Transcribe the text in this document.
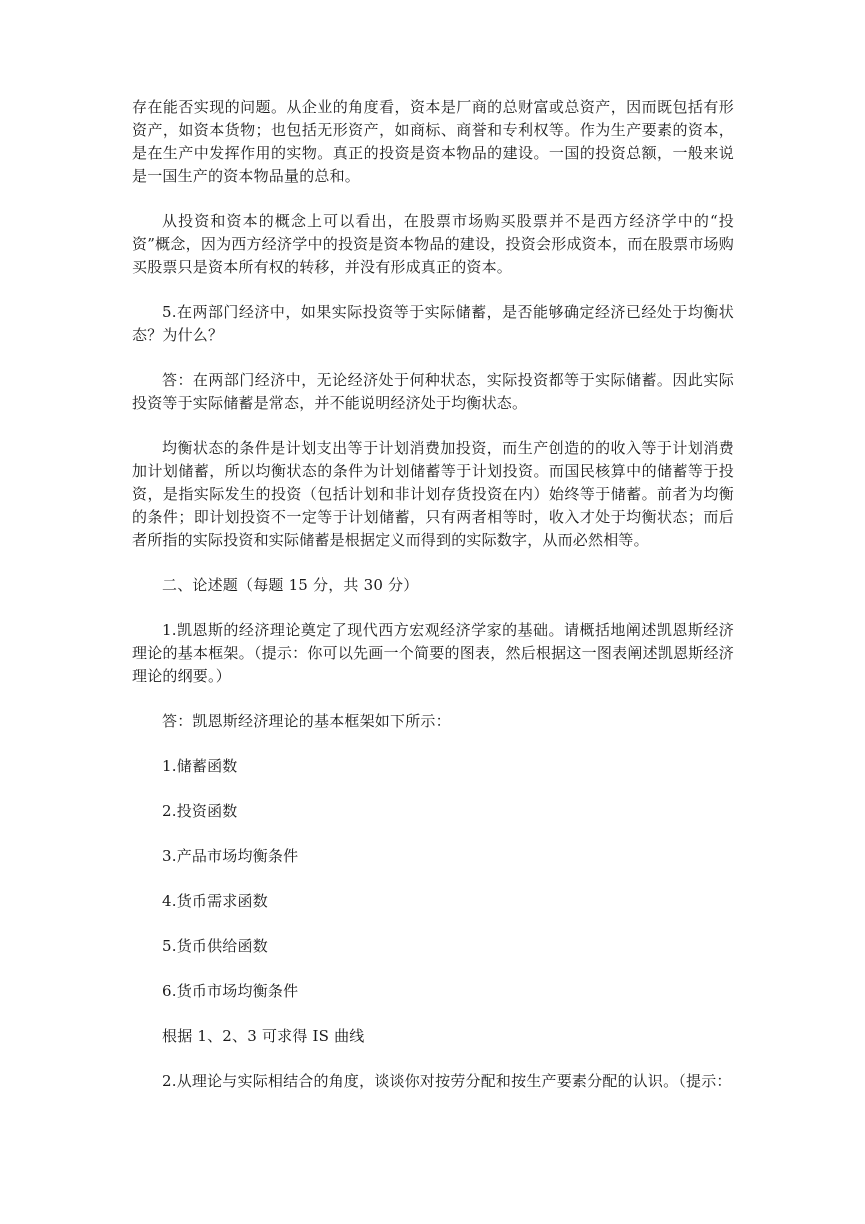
存在能否实现的问题。从企业的角度看，资本是厂商的总财富或总资产，因而既包括有形资产，如资本货物；也包括无形资产，如商标、商誉和专利权等。作为生产要素的资本，是在生产中发挥作用的实物。真正的投资是资本物品的建设。一国的投资总额，一般来说是一国生产的资本物品量的总和。

从投资和资本的概念上可以看出，在股票市场购买股票并不是西方经济学中的“投资”概念，因为西方经济学中的投资是资本物品的建设，投资会形成资本，而在股票市场购买股票只是资本所有权的转移，并没有形成真正的资本。

5.在两部门经济中，如果实际投资等于实际储蓄，是否能够确定经济已经处于均衡状态？为什么？

答：在两部门经济中，无论经济处于何种状态，实际投资都等于实际储蓄。因此实际投资等于实际储蓄是常态，并不能说明经济处于均衡状态。

均衡状态的条件是计划支出等于计划消费加投资，而生产创造的的收入等于计划消费加计划储蓄，所以均衡状态的条件为计划储蓄等于计划投资。而国民核算中的储蓄等于投资，是指实际发生的投资（包括计划和非计划存货投资在内）始终等于储蓄。前者为均衡的条件；即计划投资不一定等于计划储蓄，只有两者相等时，收入才处于均衡状态；而后者所指的实际投资和实际储蓄是根据定义而得到的实际数字，从而必然相等。

二、论述题（每题 15 分，共 30 分）

1.凯恩斯的经济理论奠定了现代西方宏观经济学家的基础。请概括地阐述凯恩斯经济理论的基本框架。（提示：你可以先画一个简要的图表，然后根据这一图表阐述凯恩斯经济理论的纲要。）

答：凯恩斯经济理论的基本框架如下所示：

1.储蓄函数

2.投资函数

3.产品市场均衡条件

4.货币需求函数

5.货币供给函数

6.货币市场均衡条件

根据 1、2、3 可求得 IS 曲线

2.从理论与实际相结合的角度，谈谈你对按劳分配和按生产要素分配的认识。（提示：
